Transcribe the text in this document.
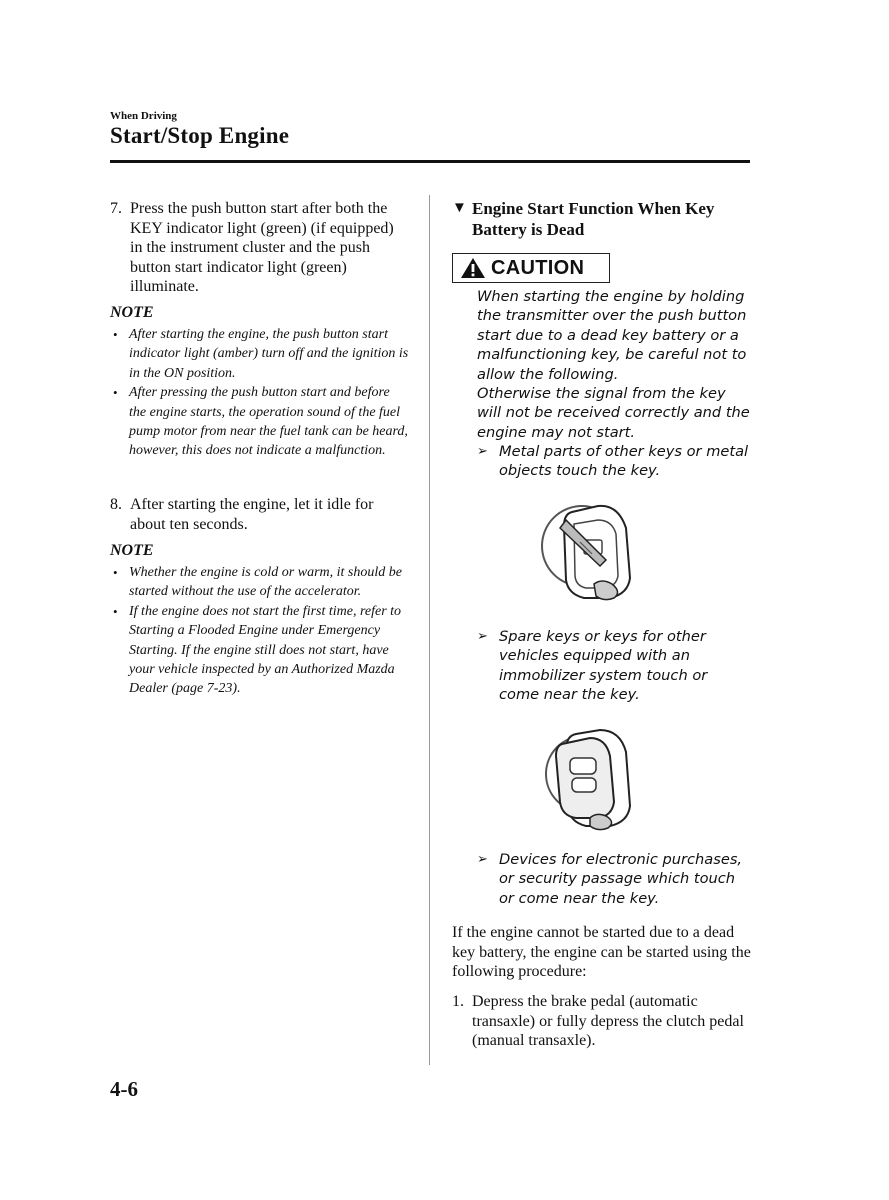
When Driving
Start/Stop Engine
7. Press the push button start after both the KEY indicator light (green) (if equipped) in the instrument cluster and the push button start indicator light (green) illuminate.
NOTE
• After starting the engine, the push button start indicator light (amber) turn off and the ignition is in the ON position.
• After pressing the push button start and before the engine starts, the operation sound of the fuel pump motor from near the fuel tank can be heard, however, this does not indicate a malfunction.
8. After starting the engine, let it idle for about ten seconds.
NOTE
• Whether the engine is cold or warm, it should be started without the use of the accelerator.
• If the engine does not start the first time, refer to Starting a Flooded Engine under Emergency Starting. If the engine still does not start, have your vehicle inspected by an Authorized Mazda Dealer (page 7-23).
▼ Engine Start Function When Key Battery is Dead
CAUTION
When starting the engine by holding the transmitter over the push button start due to a dead key battery or a malfunctioning key, be careful not to allow the following.
Otherwise the signal from the key will not be received correctly and the engine may not start.
➢ Metal parts of other keys or metal objects touch the key.
➢ Spare keys or keys for other vehicles equipped with an immobilizer system touch or come near the key.
➢ Devices for electronic purchases, or security passage which touch or come near the key.
If the engine cannot be started due to a dead key battery, the engine can be started using the following procedure:
1. Depress the brake pedal (automatic transaxle) or fully depress the clutch pedal (manual transaxle).
4-6
